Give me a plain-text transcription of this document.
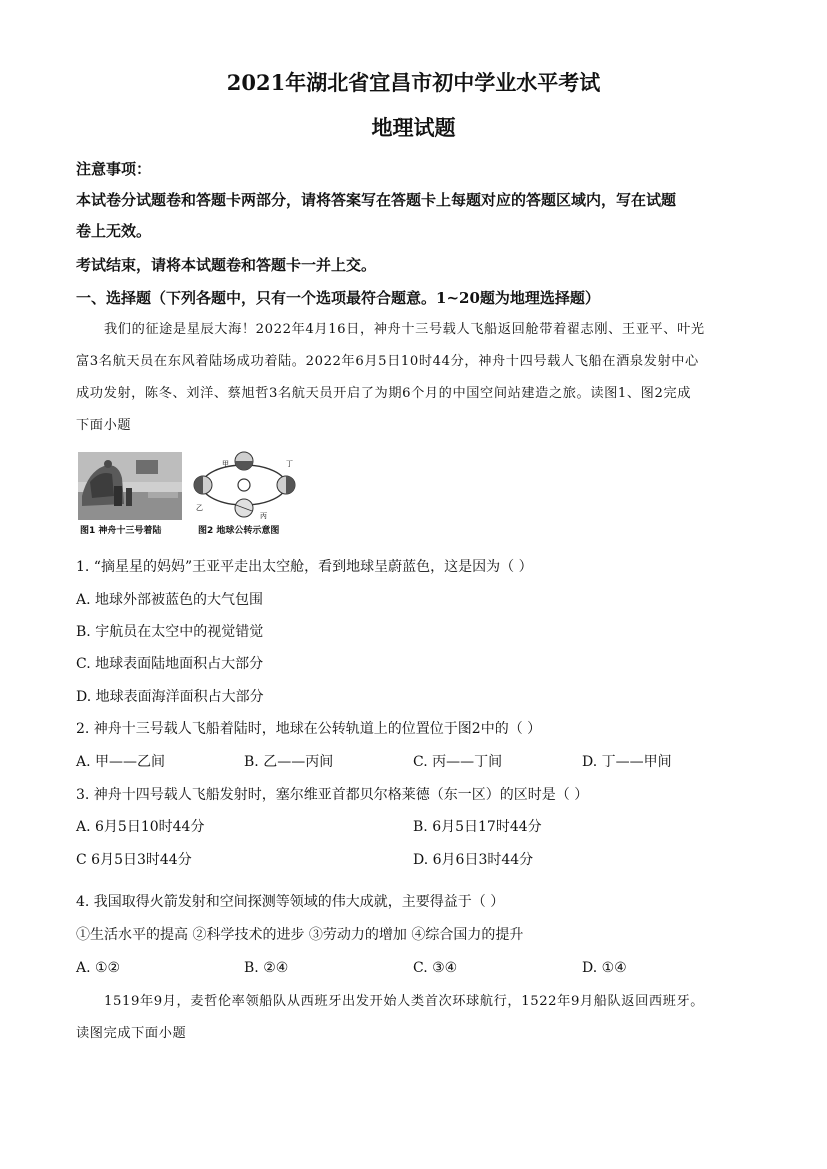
2021年湖北省宜昌市初中学业水平考试
地理试题
注意事项：
本试卷分试题卷和答题卡两部分，请将答案写在答题卡上每题对应的答题区域内，写在试题
卷上无效。
考试结束，请将本试题卷和答题卡一并上交。
一、选择题（下列各题中，只有一个选项最符合题意。1~20题为地理选择题）
我们的征途是星辰大海！2022年4月16日，神舟十三号载人飞船返回舱带着翟志刚、王亚平、叶光
富3名航天员在东风着陆场成功着陆。2022年6月5日10时44分，神舟十四号载人飞船在酒泉发射中心
成功发射，陈冬、刘洋、蔡旭哲3名航天员开启了为期6个月的中国空间站建造之旅。读图1、图2完成
下面小题
图1 神舟十三号着陆
甲
乙
丙
丁
图2 地球公转示意图
1. “摘星星的妈妈”王亚平走出太空舱，看到地球呈蔚蓝色，这是因为（ ）
A. 地球外部被蓝色的大气包围
B. 宇航员在太空中的视觉错觉
C. 地球表面陆地面积占大部分
D. 地球表面海洋面积占大部分
2. 神舟十三号载人飞船着陆时，地球在公转轨道上的位置位于图2中的（ ）
A. 甲——乙间	B. 乙——丙间	C. 丙——丁间	D. 丁——甲间
3. 神舟十四号载人飞船发射时，塞尔维亚首都贝尔格莱德（东一区）的区时是（ ）
A. 6月5日10时44分	B. 6月5日17时44分
C 6月5日3时44分	D. 6月6日3时44分
4. 我国取得火箭发射和空间探测等领域的伟大成就，主要得益于（ ）
①生活水平的提高 ②科学技术的进步 ③劳动力的增加 ④综合国力的提升
A. ①②	B. ②④	C. ③④	D. ①④
1519年9月，麦哲伦率领船队从西班牙出发开始人类首次环球航行，1522年9月船队返回西班牙。
读图完成下面小题
